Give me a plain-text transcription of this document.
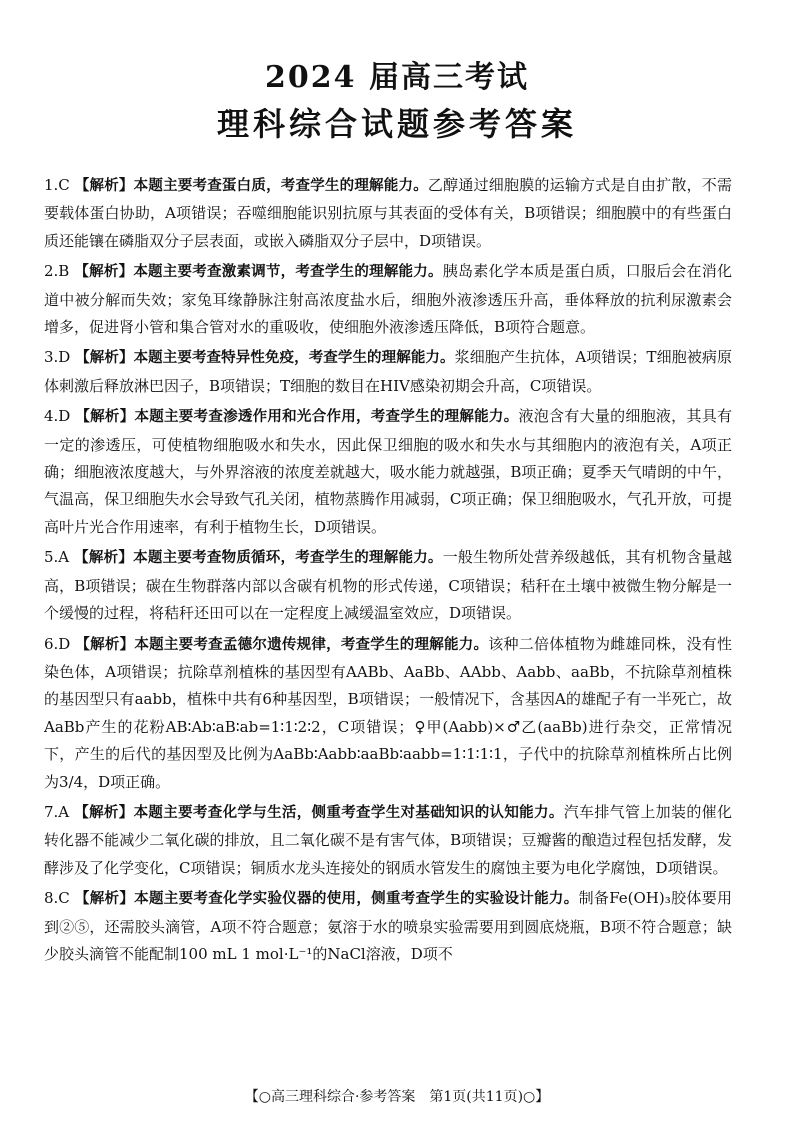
2024 届高三考试
理科综合试题参考答案

1.C 【解析】本题主要考查蛋白质，考查学生的理解能力。乙醇通过细胞膜的运输方式是自由扩散，不需要载体蛋白协助，A项错误；吞噬细胞能识别抗原与其表面的受体有关，B项错误；细胞膜中的有些蛋白质还能镶在磷脂双分子层表面，或嵌入磷脂双分子层中，D项错误。

2.B 【解析】本题主要考查激素调节，考查学生的理解能力。胰岛素化学本质是蛋白质，口服后会在消化道中被分解而失效；家兔耳缘静脉注射高浓度盐水后，细胞外液渗透压升高，垂体释放的抗利尿激素会增多，促进肾小管和集合管对水的重吸收，使细胞外液渗透压降低，B项符合题意。

3.D 【解析】本题主要考查特异性免疫，考查学生的理解能力。浆细胞产生抗体，A项错误；T细胞被病原体刺激后释放淋巴因子，B项错误；T细胞的数目在HIV感染初期会升高，C项错误。

4.D 【解析】本题主要考查渗透作用和光合作用，考查学生的理解能力。液泡含有大量的细胞液，其具有一定的渗透压，可使植物细胞吸水和失水，因此保卫细胞的吸水和失水与其细胞内的液泡有关，A项正确；细胞液浓度越大，与外界溶液的浓度差就越大，吸水能力就越强，B项正确；夏季天气晴朗的中午，气温高，保卫细胞失水会导致气孔关闭，植物蒸腾作用减弱，C项正确；保卫细胞吸水，气孔开放，可提高叶片光合作用速率，有利于植物生长，D项错误。

5.A 【解析】本题主要考查物质循环，考查学生的理解能力。一般生物所处营养级越低，其有机物含量越高，B项错误；碳在生物群落内部以含碳有机物的形式传递，C项错误；秸秆在土壤中被微生物分解是一个缓慢的过程，将秸秆还田可以在一定程度上减缓温室效应，D项错误。

6.D 【解析】本题主要考查孟德尔遗传规律，考查学生的理解能力。该种二倍体植物为雌雄同株，没有性染色体，A项错误；抗除草剂植株的基因型有AABb、AaBb、AAbb、Aabb、aaBb，不抗除草剂植株的基因型只有aabb，植株中共有6种基因型，B项错误；一般情况下，含基因A的雄配子有一半死亡，故AaBb产生的花粉AB∶Ab∶aB∶ab=1∶1∶2∶2，C项错误；♀甲(Aabb)×♂乙(aaBb)进行杂交，正常情况下，产生的后代的基因型及比例为AaBb∶Aabb∶aaBb∶aabb=1∶1∶1∶1，子代中的抗除草剂植株所占比例为3/4，D项正确。

7.A 【解析】本题主要考查化学与生活，侧重考查学生对基础知识的认知能力。汽车排气管上加装的催化转化器不能减少二氧化碳的排放，且二氧化碳不是有害气体，B项错误；豆瓣酱的酿造过程包括发酵，发酵涉及了化学变化，C项错误；铜质水龙头连接处的钢质水管发生的腐蚀主要为电化学腐蚀，D项错误。

8.C 【解析】本题主要考查化学实验仪器的使用，侧重考查学生的实验设计能力。制备Fe(OH)₃胶体要用到②⑤，还需胶头滴管，A项不符合题意；氨溶于水的喷泉实验需要用到圆底烧瓶，B项不符合题意；缺少胶头滴管不能配制100 mL 1 mol·L⁻¹的NaCl溶液，D项不

【○高三理科综合·参考答案　第1页(共11页)○】
